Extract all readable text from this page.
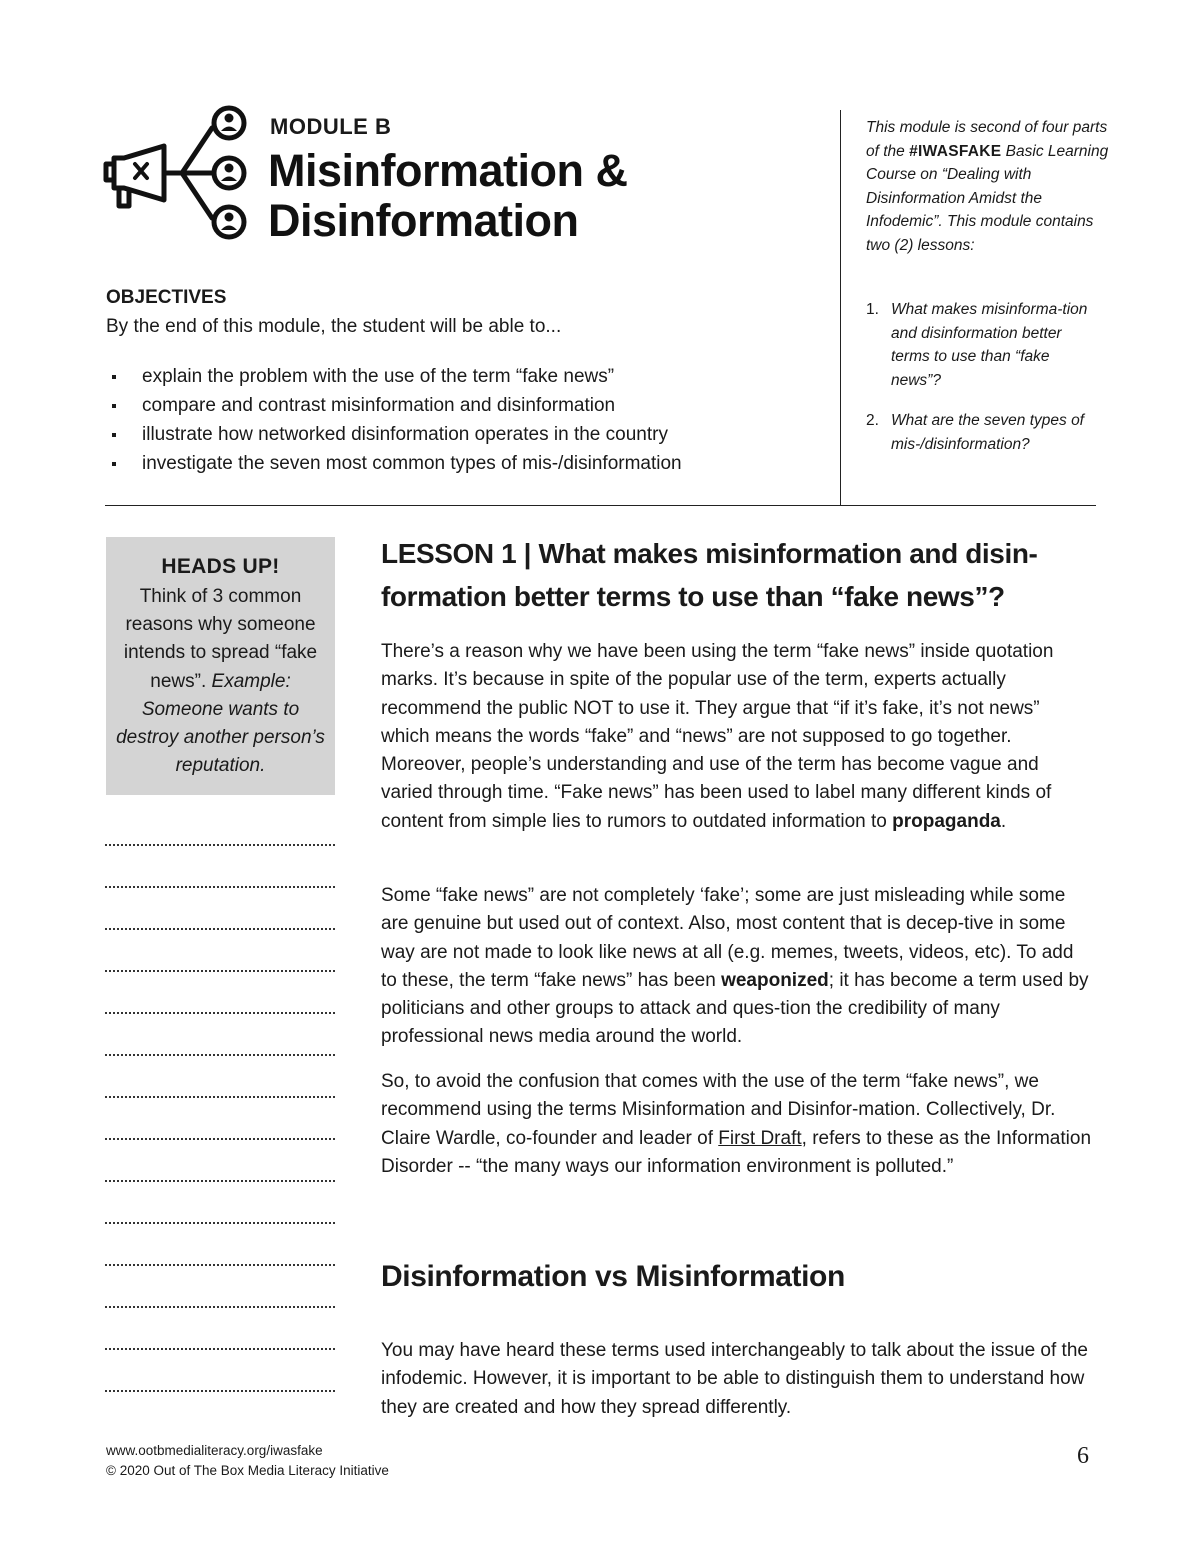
MODULE B
Misinformation &
Disinformation
OBJECTIVES
By the end of this module, the student will be able to...
explain the problem with the use of the term “fake news”
compare and contrast misinformation and disinformation
illustrate how networked disinformation operates in the country
investigate the seven most common types of mis-/disinformation
This module is second of four parts of the #IWASFAKE Basic Learning Course on “Dealing with Disinformation Amidst the Infodemic”. This module contains two (2) lessons:
1. What makes misinforma-tion and disinformation better terms to use than “fake news”?
2. What are the seven types of mis-/disinformation?
HEADS UP!
Think of 3 common reasons why someone intends to spread “fake news”. Example: Someone wants to destroy another person’s reputation.
LESSON 1 | What makes misinformation and disin-formation better terms to use than “fake news”?

There’s a reason why we have been using the term “fake news” inside quotation marks. It’s because in spite of the popular use of the term, experts actually recommend the public NOT to use it. They argue that “if it’s fake, it’s not news” which means the words “fake” and “news” are not supposed to go together. Moreover, people’s understanding and use of the term has become vague and varied through time. “Fake news” has been used to label many different kinds of content from simple lies to rumors to outdated information to propaganda.

Some “fake news” are not completely ‘fake’; some are just misleading while some are genuine but used out of context. Also, most content that is decep-tive in some way are not made to look like news at all (e.g. memes, tweets, videos, etc). To add to these, the term “fake news” has been weaponized; it has become a term used by politicians and other groups to attack and ques-tion the credibility of many professional news media around the world.

So, to avoid the confusion that comes with the use of the term “fake news”, we recommend using the terms Misinformation and Disinfor-mation. Collectively, Dr. Claire Wardle, co-founder and leader of First Draft, refers to these as the Information Disorder -- “the many ways our information environment is polluted.”

Disinformation vs Misinformation

You may have heard these terms used interchangeably to talk about the issue of the infodemic. However, it is important to be able to distinguish them to understand how they are created and how they spread differently.

www.ootbmedialiteracy.org/iwasfake
© 2020 Out of The Box Media Literacy Initiative
6
